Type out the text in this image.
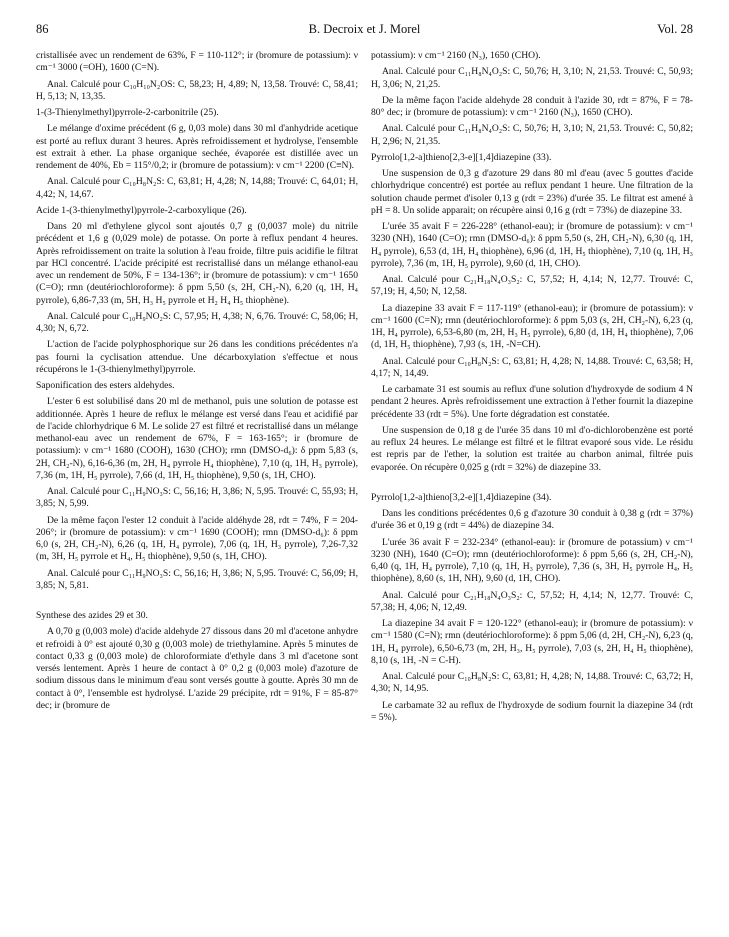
86	B. Decroix et J. Morel	Vol. 28
cristallisée avec un rendement de 63%, F = 110-112°; ir (bromure de potassium): ν cm⁻¹ 3000 (=OH), 1600 (C=N).
Anal. Calculé pour C₁₀H₁₀N₂OS: C, 58,23; H, 4,89; N, 13,58. Trouvé: C, 58,41; H, 5,13; N, 13,35.
1-(3-Thienylmethyl)pyrrole-2-carbonitrile (25).
Le mélange d'oxime précédent (6 g, 0,03 mole) dans 30 ml d'anhydride acetique est porté au reflux durant 3 heures. Après refroidissement et hydrolyse, l'ensemble est extrait à ether. La phase organique sechée, évaporée est distillée avec un rendement de 40%, Eb = 115°/0,2; ir (bromure de potassium): ν cm⁻¹ 2200 (C≡N).
Anal. Calculé pour C₁₀H₈N₂S: C, 63,81; H, 4,28; N, 14,88; Trouvé: C, 64,01; H, 4,42; N, 14,67.
Acide 1-(3-thienylmethyl)pyrrole-2-carboxylique (26).
Dans 20 ml d'ethylene glycol sont ajoutés 0,7 g (0,0037 mole) du nitrile précédent et 1,6 g (0,029 mole) de potasse. On porte à reflux pendant 4 heures. Après refroidissement on traite la solution à l'eau froide, filtre puis acidifie le filtrat par HCl concentré. L'acide précipité est recristallisé dans un mélange ethanol-eau avec un rendement de 50%, F = 134-136°; ir (bromure de potassium): ν cm⁻¹ 1650 (C=O); rmn (deutériochloroforme): δ ppm 5,50 (s, 2H, CH₂-N), 6,20 (q, 1H, H₄ pyrrole), 6,86-7,33 (m, 5H, H₃ H₅ pyrrole et H₂ H₄ H₅ thiophène).
Anal. Calculé pour C₁₀H₉NO₂S: C, 57,95; H, 4,38; N, 6,76. Trouvé: C, 58,06; H, 4,30; N, 6,72.
L'action de l'acide polyphosphorique sur 26 dans les conditions précédentes n'a pas fourni la cyclisation attendue. Une décarboxylation s'effectue et nous récupérons le 1-(3-thienylmethyl)pyrrole.
Saponification des esters aldehydes.
L'ester 6 est solubilisé dans 20 ml de methanol, puis une solution de potasse est additionnée. Après 1 heure de reflux le mélange est versé dans l'eau et acidifié par de l'acide chlorhydrique 6 M. Le solide 27 est filtré et recristallisé dans un mélange methanol-eau avec un rendement de 67%, F = 163-165°; ir (bromure de potassium): ν cm⁻¹ 1680 (COOH), 1630 (CHO); rmn (DMSO-d₆): δ ppm 5,83 (s, 2H, CH₂-N), 6,16-6,36 (m, 2H, H₄ pyrrole H₄ thiophène), 7,10 (q, 1H, H₃ pyrrole), 7,36 (m, 1H, H₅ pyrrole), 7,66 (d, 1H, H₅ thiophène), 9,50 (s, 1H, CHO).
Anal. Calculé pour C₁₁H₉NO₃S: C, 56,16; H, 3,86; N, 5,95. Trouvé: C, 55,93; H, 3,85; N, 5,99.
De la même façon l'ester 12 conduit à l'acide aldéhyde 28, rdt = 74%, F = 204-206°; ir (bromure de potassium): ν cm⁻¹ 1690 (COOH); rmn (DMSO-d₆): δ ppm 6,0 (s, 2H, CH₂-N), 6,26 (q, 1H, H₄ pyrrole), 7,06 (q, 1H, H₃ pyrrole), 7,26-7,32 (m, 3H, H₅ pyrrole et H₄, H₅ thiophène), 9,50 (s, 1H, CHO).
Anal. Calculé pour C₁₁H₉NO₃S: C, 56,16; H, 3,86; N, 5,95. Trouvé: C, 56,09; H, 3,85; N, 5,81.
Synthese des azides 29 et 30.
A 0,70 g (0,003 mole) d'acide aldehyde 27 dissous dans 20 ml d'acetone anhydre et refroidi à 0° est ajouté 0,30 g (0,003 mole) de triethylamine. Après 5 minutes de contact 0,33 g (0,003 mole) de chloroformiate d'ethyle dans 3 ml d'acetone sont versés lentement. Après 1 heure de contact à 0° 0,2 g (0,003 mole) d'azoture de sodium dissous dans le minimum d'eau sont versés goutte à goutte. Après 30 mn de contact à 0°, l'ensemble est hydrolysé. L'azide 29 précipite, rdt = 91%, F = 85-87° dec; ir (bromure de
potassium): ν cm⁻¹ 2160 (N₃), 1650 (CHO).
Anal. Calculé pour C₁₁H₈N₄O₂S: C, 50,76; H, 3,10; N, 21,53. Trouvé: C, 50,93; H, 3,06; N, 21,25.
De la même façon l'acide aldehyde 28 conduit à l'azide 30, rdt = 87%, F = 78-80° dec; ir (bromure de potassium): ν cm⁻¹ 2160 (N₃), 1650 (CHO).
Anal. Calculé pour C₁₁H₈N₄O₂S: C, 50,76; H, 3,10; N, 21,53. Trouvé: C, 50,82; H, 2,96; N, 21,35.
Pyrrolo[1,2-a]thieno[2,3-e][1,4]diazepine (33).
Une suspension de 0,3 g d'azoture 29 dans 80 ml d'eau (avec 5 gouttes d'acide chlorhydrique concentré) est portée au reflux pendant 1 heure. Une filtration de la solution chaude permet d'isoler 0,13 g (rdt = 23%) d'urée 35. Le filtrat est amené à pH = 8. Un solide apparait; on récupère ainsi 0,16 g (rdt = 73%) de diazepine 33.
L'urée 35 avait F = 226-228° (ethanol-eau); ir (bromure de potassium): ν cm⁻¹ 3230 (NH), 1640 (C=O); rmn (DMSO-d₆): δ ppm 5,50 (s, 2H, CH₂-N), 6,30 (q, 1H, H₄ pyrrole), 6,53 (d, 1H, H₄ thiophène), 6,96 (d, 1H, H₅ thiophène), 7,10 (q, 1H, H₃ pyrrole), 7,36 (m, 1H, H₅ pyrrole), 9,60 (d, 1H, CHO).
Anal. Calculé pour C₂₁H₁₈N₄O₃S₂: C, 57,52; H, 4,14; N, 12,77. Trouvé: C, 57,19; H, 4,50; N, 12,58.
La diazepine 33 avait F = 117-119° (ethanol-eau); ir (bromure de potassium): ν cm⁻¹ 1600 (C=N); rmn (deutériochloroforme): δ ppm 5,03 (s, 2H, CH₂-N), 6,23 (q, 1H, H₄ pyrrole), 6,53-6,80 (m, 2H, H₃ H₅ pyrrole), 6,80 (d, 1H, H₄ thiophène), 7,06 (d, 1H, H₅ thiophène), 7,93 (s, 1H, -N=CH).
Anal. Calculé pour C₁₀H₈N₂S: C, 63,81; H, 4,28; N, 14,88. Trouvé: C, 63,58; H, 4,17; N, 14,49.
Le carbamate 31 est soumis au reflux d'une solution d'hydroxyde de sodium 4 N pendant 2 heures. Après refroidissement une extraction à l'ether fournit la diazepine précédente 33 (rdt = 5%). Une forte dégradation est constatée.
Une suspension de 0,18 g de l'urée 35 dans 10 ml d'o-dichlorobenzène est porté au reflux 24 heures. Le mélange est filtré et le filtrat evaporé sous vide. Le résidu est repris par de l'ether, la solution est traitée au charbon animal, filtrée puis evaporée. On récupère 0,025 g (rdt = 32%) de diazepine 33.
Pyrrolo[1,2-a]thieno[3,2-e][1,4]diazepine (34).
Dans les conditions précédentes 0,6 g d'azoture 30 conduit à 0,38 g (rdt = 37%) d'urée 36 et 0,19 g (rdt = 44%) de diazepine 34.
L'urée 36 avait F = 232-234° (ethanol-eau): ir (bromure de potassium) ν cm⁻¹ 3230 (NH), 1640 (C=O); rmn (deutériochloroforme): δ ppm 5,66 (s, 2H, CH₂-N), 6,40 (q, 1H, H₄ pyrrole), 7,10 (q, 1H, H₃ pyrrole), 7,36 (s, 3H, H₅ pyrrole H₄, H₅ thiophène), 8,60 (s, 1H, NH), 9,60 (d, 1H, CHO).
Anal. Calculé pour C₂₁H₁₈N₄O₃S₂: C, 57,52; H, 4,14; N, 12,77. Trouvé: C, 57,38; H, 4,06; N, 12,49.
La diazepine 34 avait F = 120-122° (ethanol-eau); ir (bromure de potassium): ν cm⁻¹ 1580 (C=N); rmn (deutériochloroforme): δ ppm 5,06 (d, 2H, CH₂-N), 6,23 (q, 1H, H₄ pyrrole), 6,50-6,73 (m, 2H, H₃, H₅ pyrrole), 7,03 (s, 2H, H₄ H₅ thiophène), 8,10 (s, 1H, -N = C-H).
Anal. Calculé pour C₁₀H₈N₂S: C, 63,81; H, 4,28; N, 14,88. Trouvé: C, 63,72; H, 4,30; N, 14,95.
Le carbamate 32 au reflux de l'hydroxyde de sodium fournit la diazepine 34 (rdt = 5%).
